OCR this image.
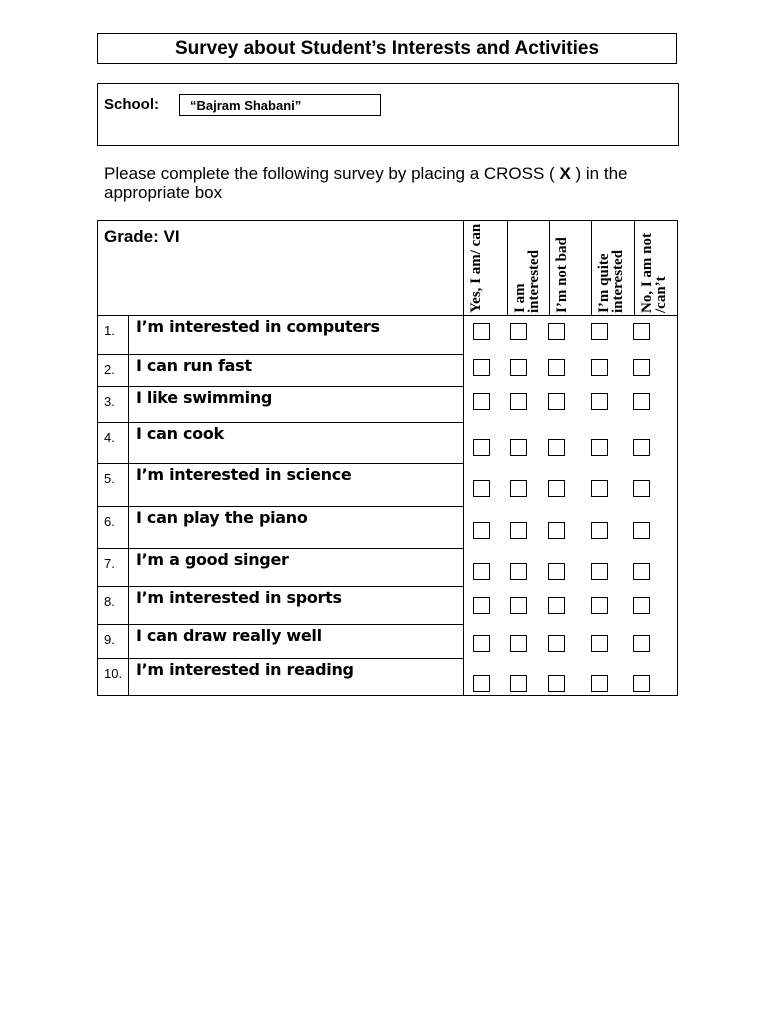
Survey about Student’s Interests and Activities
School:	“Bajram Shabani”
Please complete the following survey by placing a CROSS ( X ) in the appropriate box
Grade: VI	Yes, I am/ can I am interested I’m not bad I’m quite interested No, I am not /can’t
1. I’m interested in computers
2. I can run fast
3. I like swimming
4. I can cook
5. I’m interested in science
6. I can play the piano
7. I’m a good singer
8. I’m interested in sports
9. I can draw really well
10. I’m interested in reading
